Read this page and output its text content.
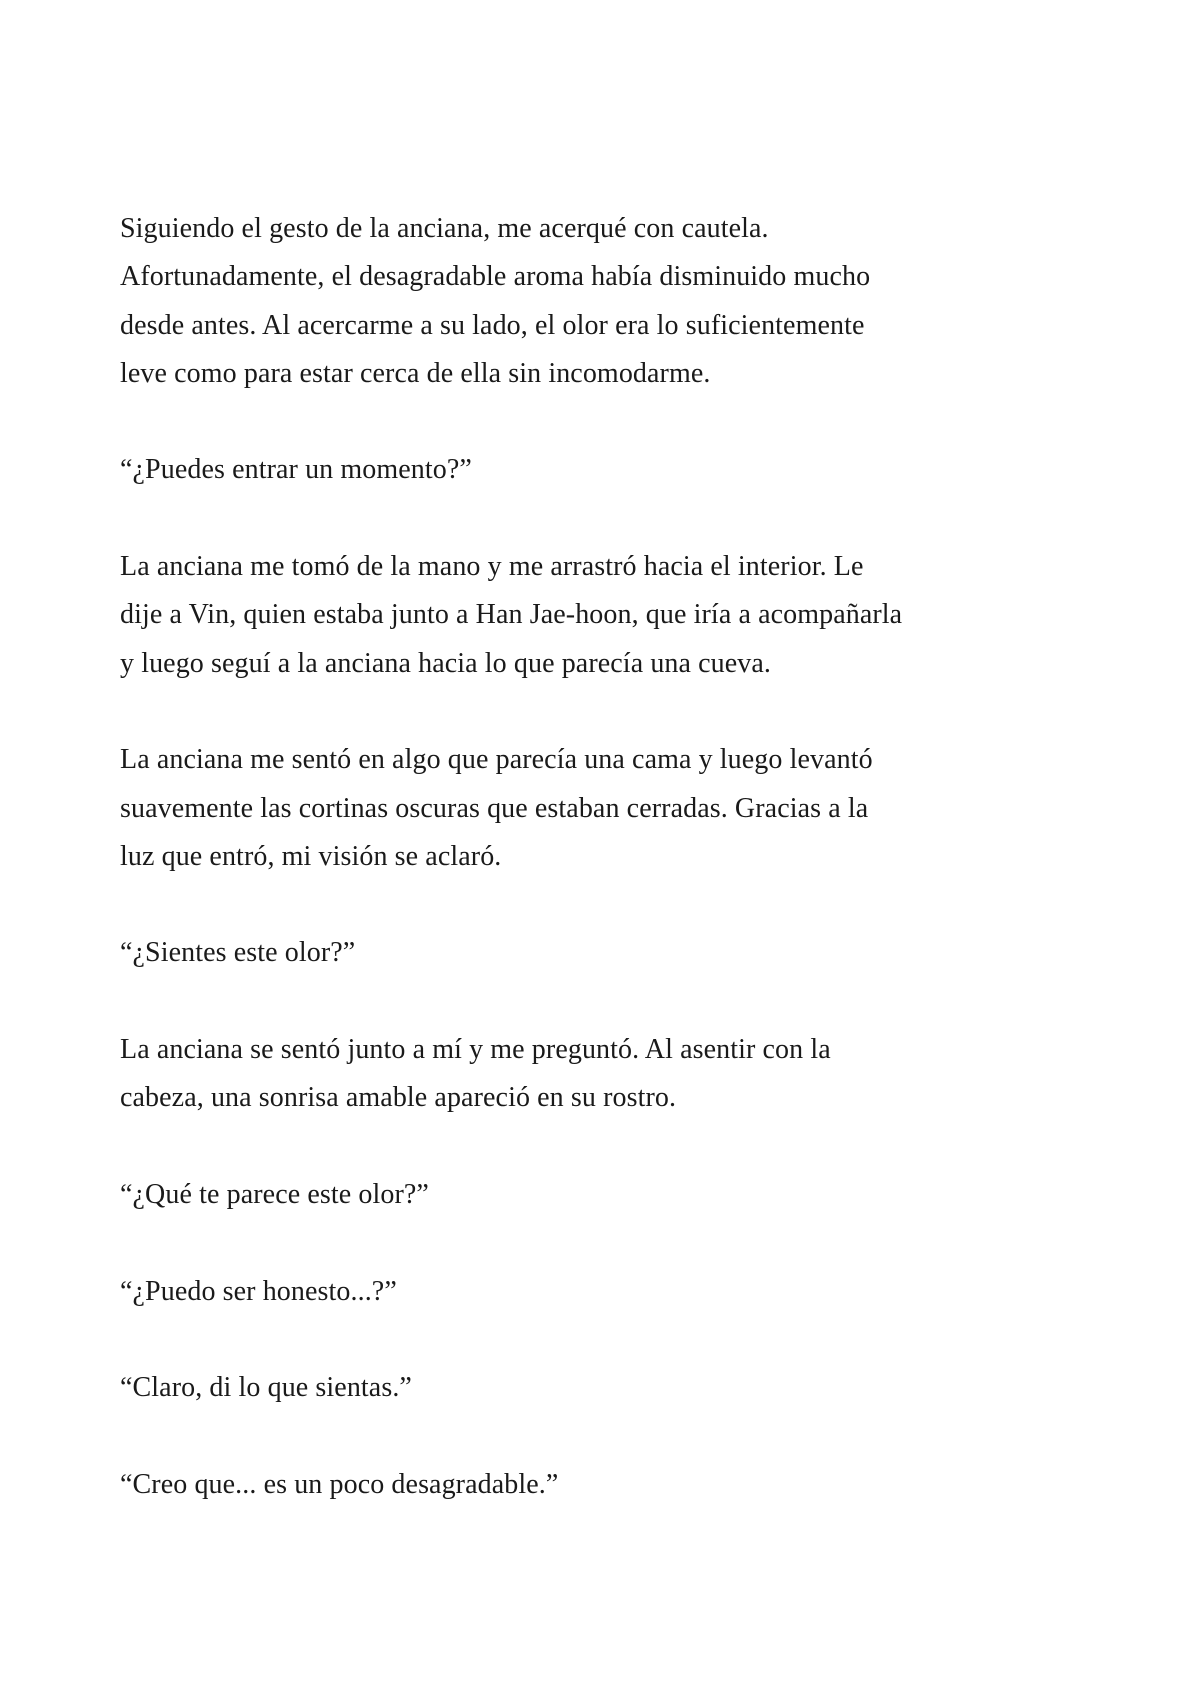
Siguiendo el gesto de la anciana, me acerqué con cautela.
Afortunadamente, el desagradable aroma había disminuido mucho
desde antes. Al acercarme a su lado, el olor era lo suficientemente
leve como para estar cerca de ella sin incomodarme.

“¿Puedes entrar un momento?”

La anciana me tomó de la mano y me arrastró hacia el interior. Le
dije a Vin, quien estaba junto a Han Jae-hoon, que iría a acompañarla
y luego seguí a la anciana hacia lo que parecía una cueva.

La anciana me sentó en algo que parecía una cama y luego levantó
suavemente las cortinas oscuras que estaban cerradas. Gracias a la
luz que entró, mi visión se aclaró.

“¿Sientes este olor?”

La anciana se sentó junto a mí y me preguntó. Al asentir con la
cabeza, una sonrisa amable apareció en su rostro.

“¿Qué te parece este olor?”

“¿Puedo ser honesto...?”

“Claro, di lo que sientas.”

“Creo que... es un poco desagradable.”
